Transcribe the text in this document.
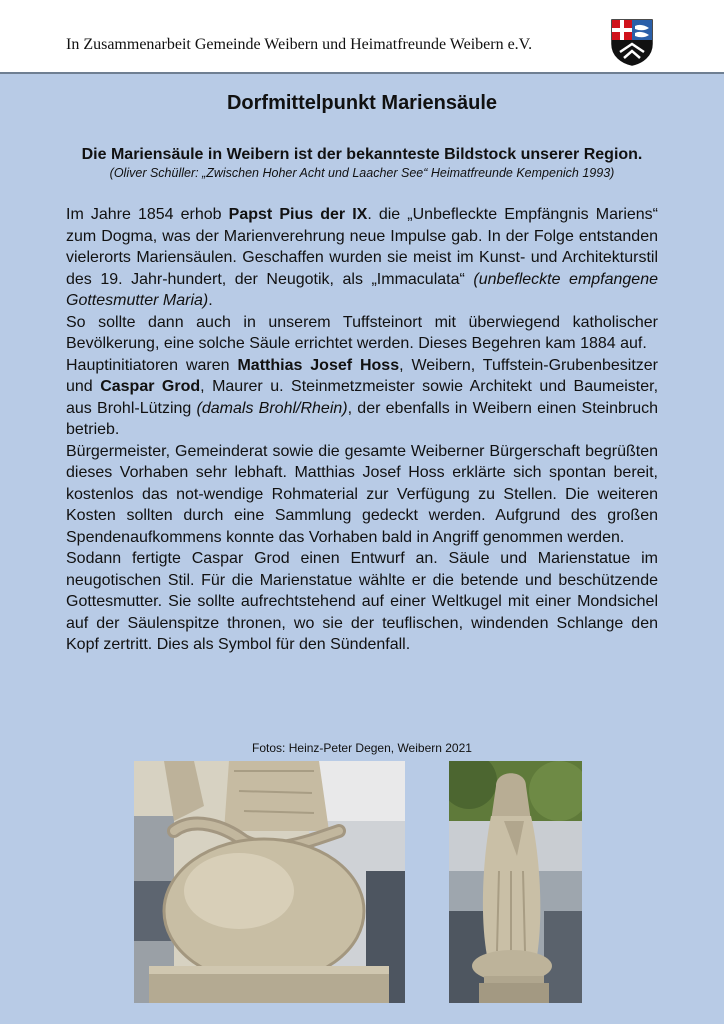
In Zusammenarbeit Gemeinde Weibern und Heimatfreunde Weibern e.V.
Dorfmittelpunkt Mariensäule
Die Mariensäule in Weibern ist der bekannteste Bildstock unserer Region.
(Oliver Schüller: „Zwischen Hoher Acht und Laacher See“ Heimatfreunde Kempenich 1993)

Im Jahre 1854 erhob Papst Pius der IX. die „Unbefleckte Empfängnis Mariens“ zum Dogma, was der Marienverehrung neue Impulse gab. In der Folge entstanden vielerorts Mariensäulen. Geschaffen wurden sie meist im Kunst- und Architekturstil des 19. Jahr-hundert, der Neugotik, als „Immaculata“ (unbefleckte empfangene Gottesmutter Maria).

So sollte dann auch in unserem Tuffsteinort mit überwiegend katholischer Bevölkerung, eine solche Säule errichtet werden. Dieses Begehren kam 1884 auf.

Hauptinitiatoren waren Matthias Josef Hoss, Weibern, Tuffstein-Grubenbesitzer und Caspar Grod, Maurer u. Steinmetzmeister sowie Architekt und Baumeister, aus Brohl-Lützing (damals Brohl/Rhein), der ebenfalls in Weibern einen Steinbruch betrieb.

Bürgermeister, Gemeinderat sowie die gesamte Weiberner Bürgerschaft begrüßten dieses Vorhaben sehr lebhaft. Matthias Josef Hoss erklärte sich spontan bereit, kostenlos das not-wendige Rohmaterial zur Verfügung zu Stellen. Die weiteren Kosten sollten durch eine Sammlung gedeckt werden. Aufgrund des großen Spendenaufkommens konnte das Vorhaben bald in Angriff genommen werden.

Sodann fertigte Caspar Grod einen Entwurf an. Säule und Marienstatue im neugotischen Stil. Für die Marienstatue wählte er die betende und beschützende Gottesmutter. Sie sollte aufrechtstehend auf einer Weltkugel mit einer Mondsichel auf der Säulenspitze thronen, wo sie der teuflischen, windenden Schlange den Kopf zertritt. Dies als Symbol für den Sündenfall.

Fotos: Heinz-Peter Degen, Weibern 2021
